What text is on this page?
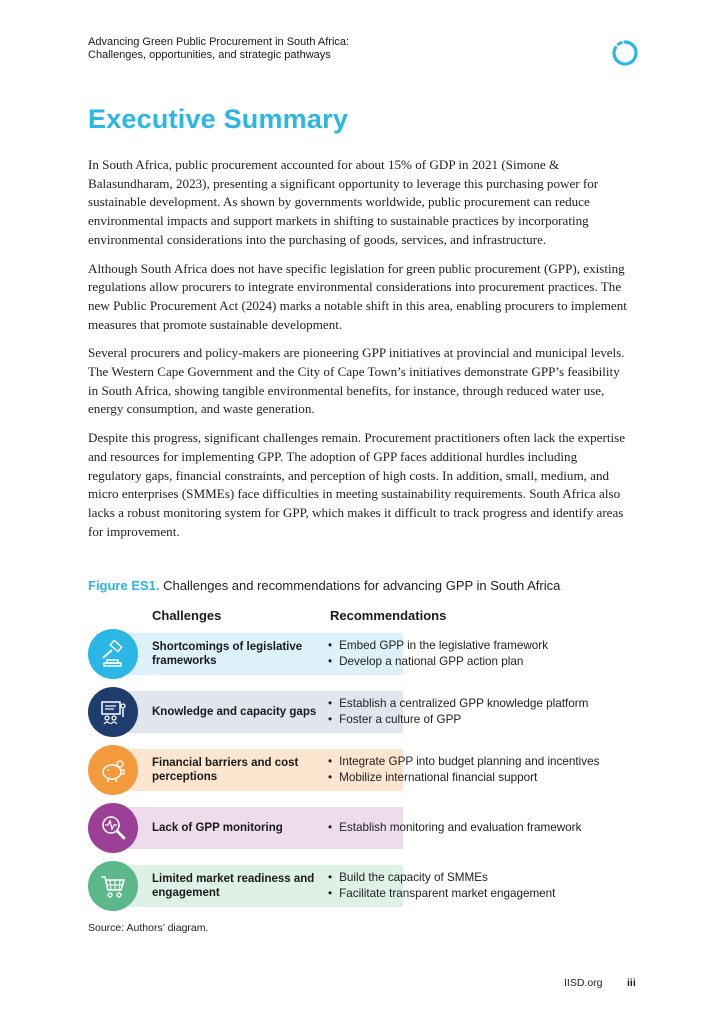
Advancing Green Public Procurement in South Africa:
Challenges, opportunities, and strategic pathways
Executive Summary

In South Africa, public procurement accounted for about 15% of GDP in 2021 (Simone & Balasundharam, 2023), presenting a significant opportunity to leverage this purchasing power for sustainable development. As shown by governments worldwide, public procurement can reduce environmental impacts and support markets in shifting to sustainable practices by incorporating environmental considerations into the purchasing of goods, services, and infrastructure.

Although South Africa does not have specific legislation for green public procurement (GPP), existing regulations allow procurers to integrate environmental considerations into procurement practices. The new Public Procurement Act (2024) marks a notable shift in this area, enabling procurers to implement measures that promote sustainable development.

Several procurers and policy-makers are pioneering GPP initiatives at provincial and municipal levels. The Western Cape Government and the City of Cape Town’s initiatives demonstrate GPP’s feasibility in South Africa, showing tangible environmental benefits, for instance, through reduced water use, energy consumption, and waste generation.

Despite this progress, significant challenges remain. Procurement practitioners often lack the expertise and resources for implementing GPP. The adoption of GPP faces additional hurdles including regulatory gaps, financial constraints, and perception of high costs. In addition, small, medium, and micro enterprises (SMMEs) face difficulties in meeting sustainability requirements. South Africa also lacks a robust monitoring system for GPP, which makes it difficult to track progress and identify areas for improvement.

Figure ES1. Challenges and recommendations for advancing GPP in South Africa
Challenges	Recommendations
Shortcomings of legislative frameworks
• Embed GPP in the legislative framework
• Develop a national GPP action plan
Knowledge and capacity gaps
• Establish a centralized GPP knowledge platform
• Foster a culture of GPP
Financial barriers and cost perceptions
• Integrate GPP into budget planning and incentives
• Mobilize international financial support
Lack of GPP monitoring
•	Establish monitoring and evaluation framework
Limited market readiness and engagement
• Build the capacity of SMMEs
• Facilitate transparent market engagement
Source: Authors’ diagram.
IISD.org iii
